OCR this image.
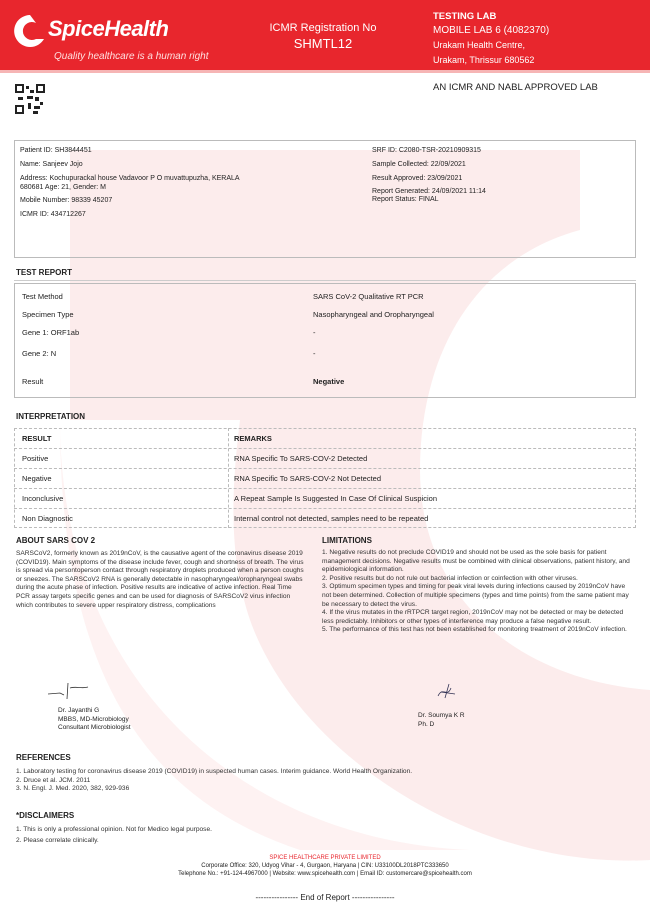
SpiceHealth
Quality healthcare is a human right
ICMR Registration No
SHMTL12
TESTING LAB
MOBILE LAB 6 (4082370)
Urakam Health Centre,
Urakam, Thrissur 680562
AN ICMR AND NABL APPROVED LAB
Patient ID: SH3844451
Name: Sanjeev Jojo
Address: Kochupurackal house Vadavoor P O muvattupuzha, KERALA 680681 Age: 21, Gender: M
Mobile Number: 98339 45207
ICMR ID: 434712267
SRF ID: C2080-TSR-20210909315
Sample Collected: 22/09/2021
Result Approved: 23/09/2021
Report Generated: 24/09/2021 11:14
Report Status: FINAL
TEST REPORT
Test Method	SARS CoV-2 Qualitative RT PCR
Specimen Type	Nasopharyngeal and Oropharyngeal
Gene 1: ORF1ab	-
Gene 2: N	-
Result	Negative
INTERPRETATION
RESULT	REMARKS
Positive	RNA Specific To SARS-COV-2 Detected
Negative	RNA Specific To SARS-COV-2 Not Detected
Inconclusive	A Repeat Sample Is Suggested In Case Of Clinical Suspicion
Non Diagnostic	Internal control not detected, samples need to be repeated
ABOUT SARS COV 2
SARSCoV2, formerly known as 2019nCoV, is the causative agent of the coronavirus disease 2019 (COVID19). Main symptoms of the disease include fever, cough and shortness of breath. The virus is spread via persontoperson contact through respiratory droplets produced when a person coughs or sneezes. The SARSCoV2 RNA is generally detectable in nasopharyngeal/oropharyngeal swabs during the acute phase of infection. Positive results are indicative of active infection. Real Time PCR assay targets specific genes and can be used for diagnosis of SARSCoV2 virus infection which contributes to severe upper respiratory distress, complications
LIMITATIONS
1. Negative results do not preclude COVID19 and should not be used as the sole basis for patient management decisions. Negative results must be combined with clinical observations, patient history, and epidemiological information.
2. Positive results but do not rule out bacterial infection or coinfection with other viruses.
3. Optimum specimen types and timing for peak viral levels during infections caused by 2019nCoV have not been determined. Collection of multiple specimens (types and time points) from the same patient may be necessary to detect the virus.
4. If the virus mutates in the rRTPCR target region, 2019nCoV may not be detected or may be detected less predictably. Inhibitors or other types of interference may produce a false negative result.
5. The performance of this test has not been established for monitoring treatment of 2019nCoV infection.
Dr. Jayanthi G
MBBS, MD-Microbiology
Consultant Microbiologist
Dr. Soumya K R
Ph. D
REFERENCES
1. Laboratory testing for coronavirus disease 2019 (COVID19) in suspected human cases. Interim guidance. World Health Organization.
2. Druce et al. JCM. 2011
3. N. Engl. J. Med. 2020, 382, 929-936
*DISCLAIMERS
1. This is only a professional opinion. Not for Medico legal purpose.
2. Please correlate clinically.
SPICE HEALTHCARE PRIVATE LIMITED
Corporate Office: 320, Udyog Vihar - 4, Gurgaon, Haryana | CIN: U33100DL2018PTC333650
Telephone No.: +91-124-4967000 | Website: www.spicehealth.com | Email ID: customercare@spicehealth.com
---------------- End of Report ----------------
